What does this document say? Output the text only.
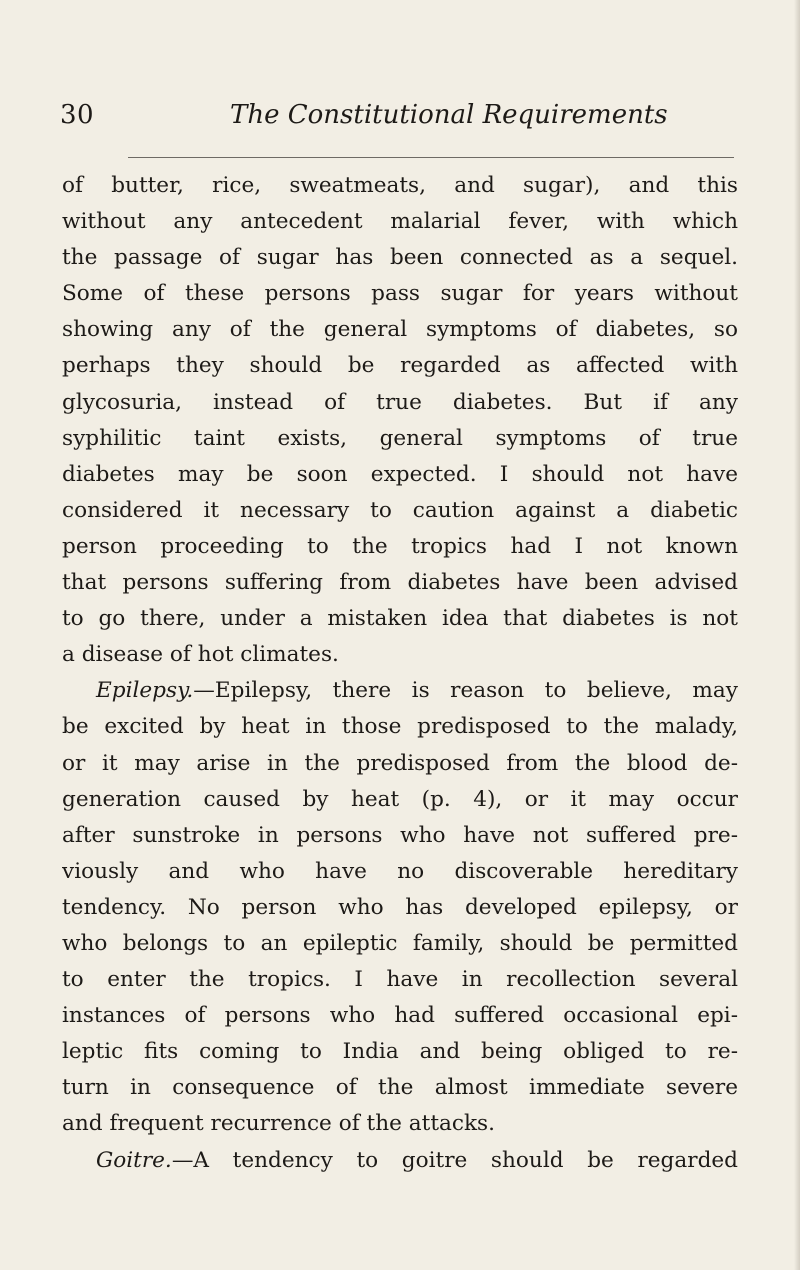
30	The Constitutional Requirements
of butter, rice, sweatmeats, and sugar), and this
without any antecedent malarial fever, with which
the passage of sugar has been connected as a sequel.
Some of these persons pass sugar for years without
showing any of the general symptoms of diabetes, so
perhaps they should be regarded as affected with
glycosuria, instead of true diabetes. But if any
syphilitic taint exists, general symptoms of true
diabetes may be soon expected. I should not have
considered it necessary to caution against a diabetic
person proceeding to the tropics had I not known
that persons suffering from diabetes have been advised
to go there, under a mistaken idea that diabetes is not
a disease of hot climates.
Epilepsy.—Epilepsy, there is reason to believe, may
be excited by heat in those predisposed to the malady,
or it may arise in the predisposed from the blood de-
generation caused by heat (p. 4), or it may occur
after sunstroke in persons who have not suffered pre-
viously and who have no discoverable hereditary
tendency. No person who has developed epilepsy, or
who belongs to an epileptic family, should be permitted
to enter the tropics. I have in recollection several
instances of persons who had suffered occasional epi-
leptic fits coming to India and being obliged to re-
turn in consequence of the almost immediate severe
and frequent recurrence of the attacks.
Goitre.—A tendency to goitre should be regarded
